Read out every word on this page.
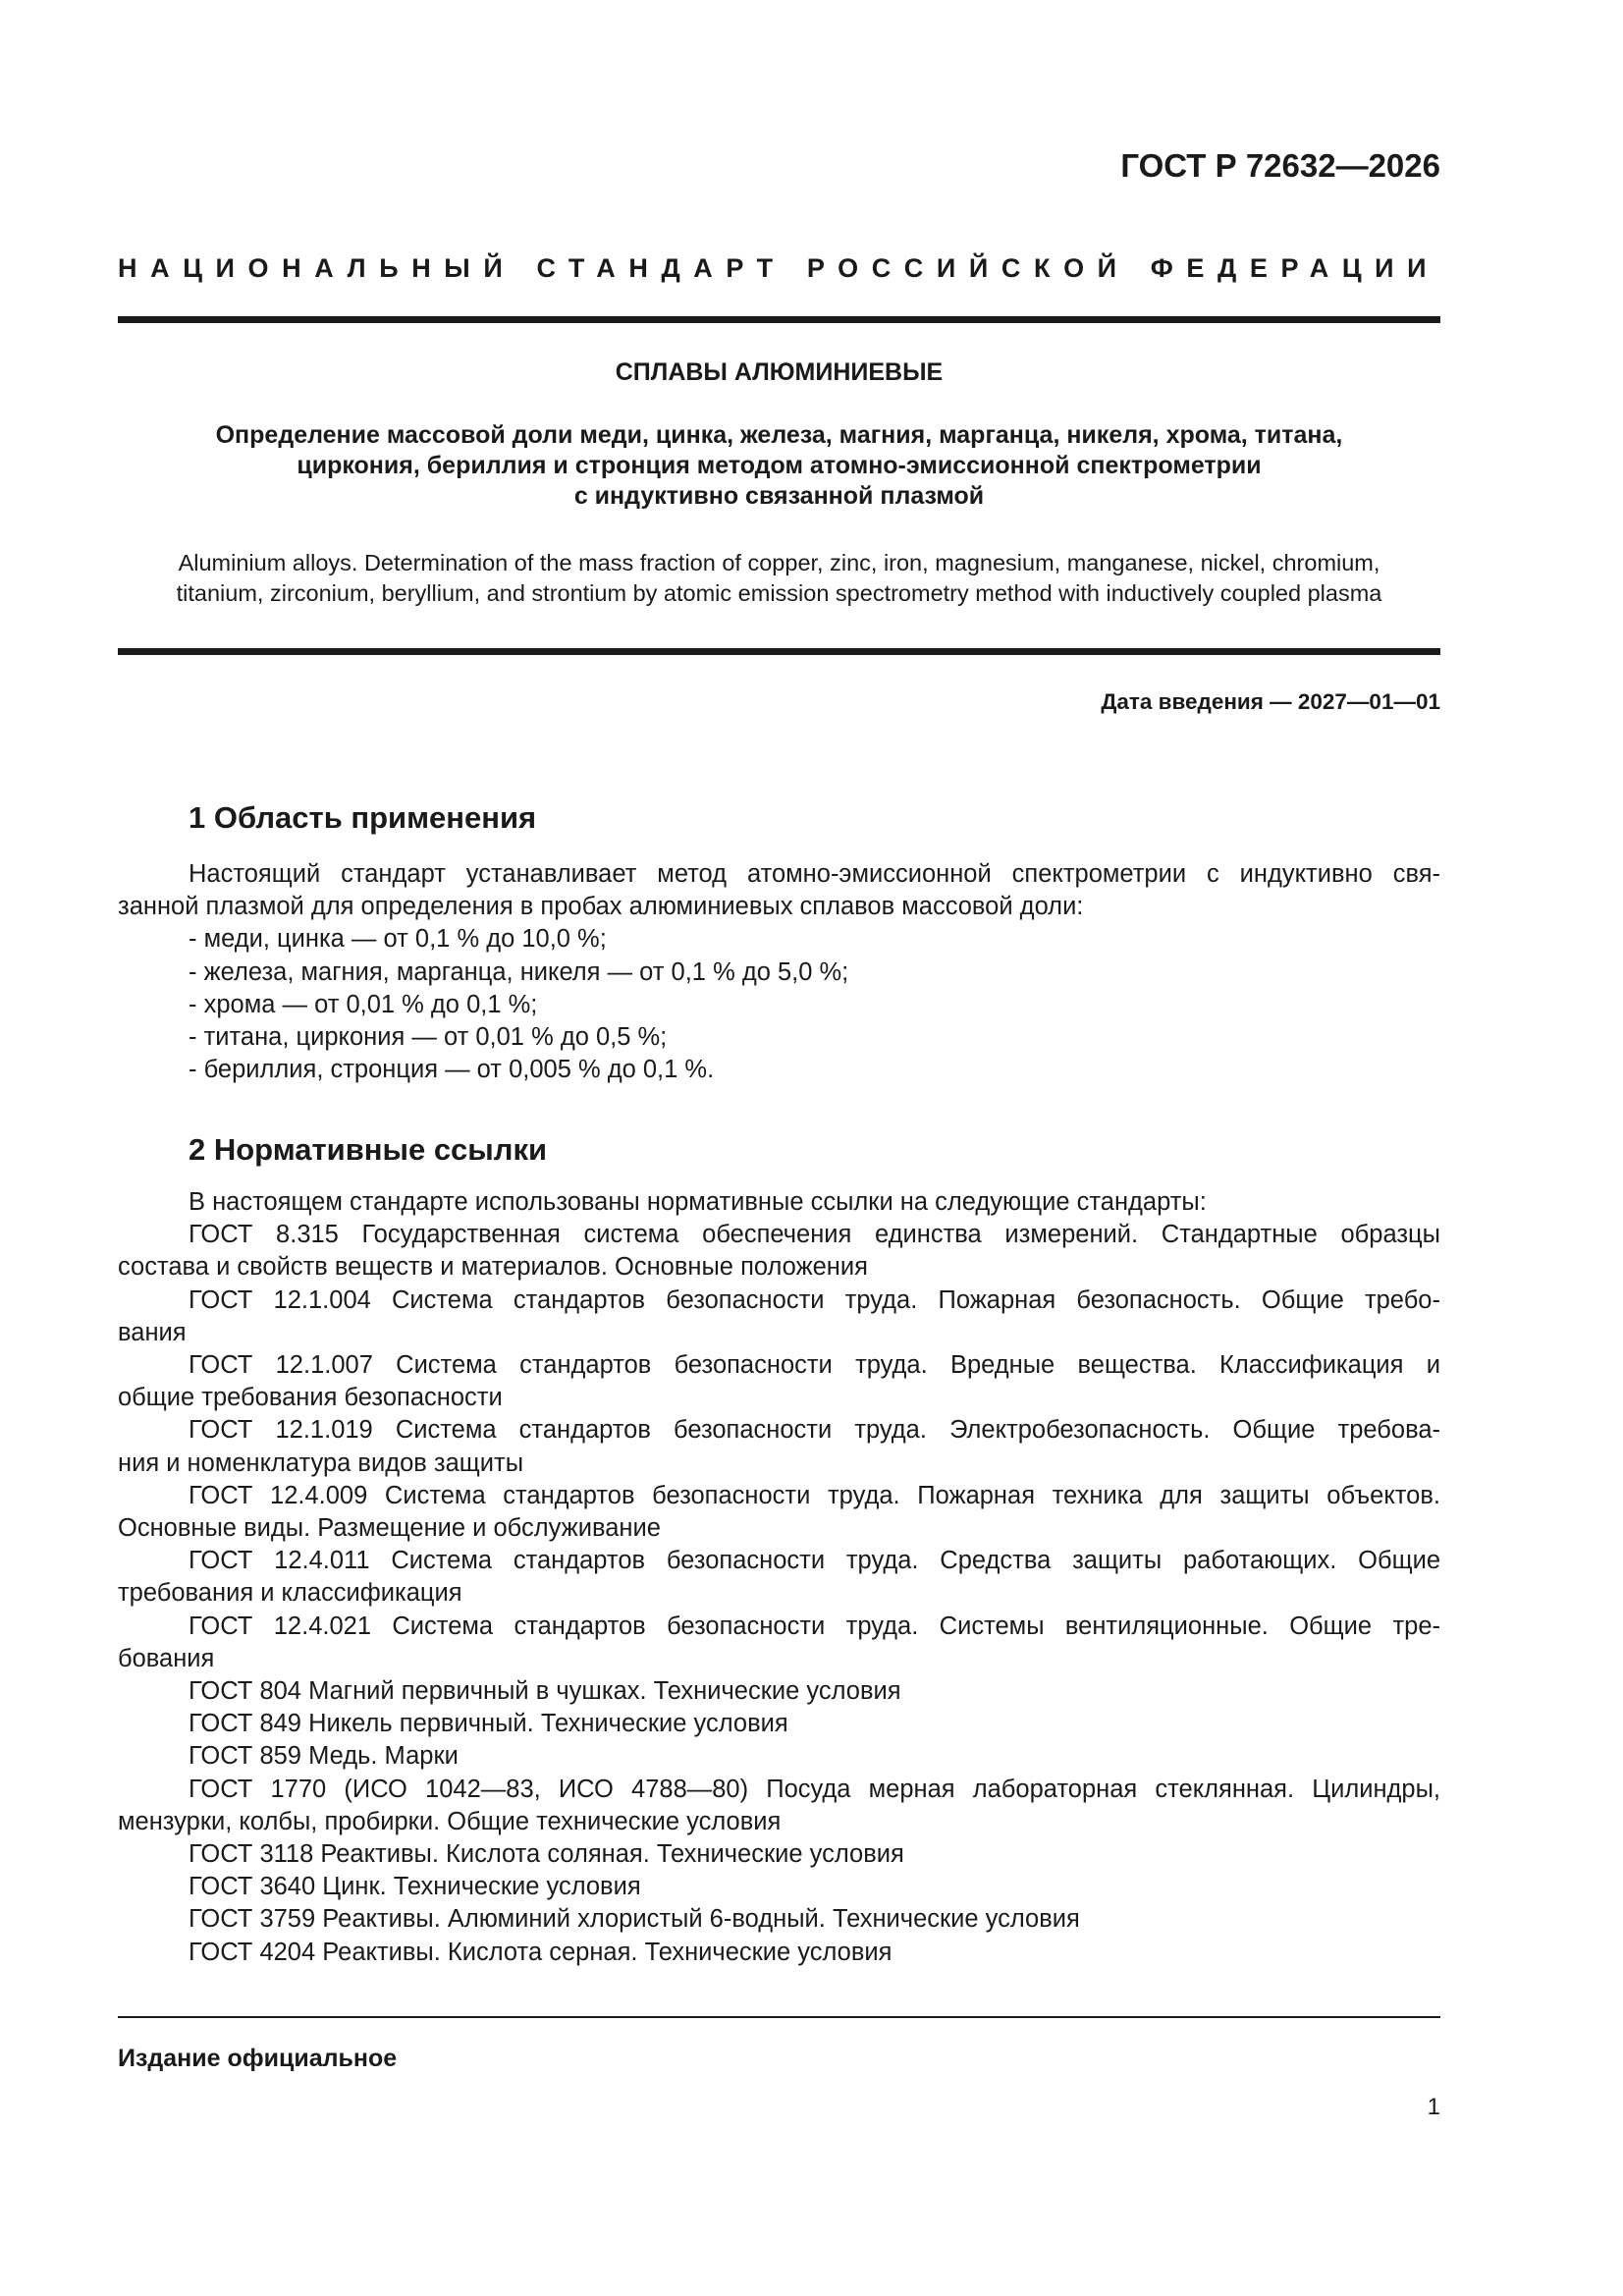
ГОСТ Р 72632—2026
НАЦИОНАЛЬНЫЙ СТАНДАРТ РОССИЙСКОЙ ФЕДЕРАЦИИ
СПЛАВЫ АЛЮМИНИЕВЫЕ
Определение массовой доли меди, цинка, железа, магния, марганца, никеля, хрома, титана,
циркония, бериллия и стронция методом атомно-эмиссионной спектрометрии
с индуктивно связанной плазмой
Aluminium alloys. Determination of the mass fraction of copper, zinc, iron, magnesium, manganese, nickel, chromium,
titanium, zirconium, beryllium, and strontium by atomic emission spectrometry method with inductively coupled plasma
Дата введения — 2027—01—01
1 Область применения
Настоящий стандарт устанавливает метод атомно-эмиссионной спектрометрии с индуктивно свя-
занной плазмой для определения в пробах алюминиевых сплавов массовой доли:
- меди, цинка — от 0,1 % до 10,0 %;
- железа, магния, марганца, никеля — от 0,1 % до 5,0 %;
- хрома — от 0,01 % до 0,1 %;
- титана, циркония — от 0,01 % до 0,5 %;
- бериллия, стронция — от 0,005 % до 0,1 %.
2 Нормативные ссылки
В настоящем стандарте использованы нормативные ссылки на следующие стандарты:
ГОСТ 8.315 Государственная система обеспечения единства измерений. Стандартные образцы
состава и свойств веществ и материалов. Основные положения
ГОСТ 12.1.004 Система стандартов безопасности труда. Пожарная безопасность. Общие требо-
вания
ГОСТ 12.1.007 Система стандартов безопасности труда. Вредные вещества. Классификация и
общие требования безопасности
ГОСТ 12.1.019 Система стандартов безопасности труда. Электробезопасность. Общие требова-
ния и номенклатура видов защиты
ГОСТ 12.4.009 Система стандартов безопасности труда. Пожарная техника для защиты объектов.
Основные виды. Размещение и обслуживание
ГОСТ 12.4.011 Система стандартов безопасности труда. Средства защиты работающих. Общие
требования и классификация
ГОСТ 12.4.021 Система стандартов безопасности труда. Системы вентиляционные. Общие тре-
бования
ГОСТ 804 Магний первичный в чушках. Технические условия
ГОСТ 849 Никель первичный. Технические условия
ГОСТ 859 Медь. Марки
ГОСТ 1770 (ИСО 1042—83, ИСО 4788—80) Посуда мерная лабораторная стеклянная. Цилиндры,
мензурки, колбы, пробирки. Общие технические условия
ГОСТ 3118 Реактивы. Кислота соляная. Технические условия
ГОСТ 3640 Цинк. Технические условия
ГОСТ 3759 Реактивы. Алюминий хлористый 6-водный. Технические условия
ГОСТ 4204 Реактивы. Кислота серная. Технические условия
Издание официальное
1
